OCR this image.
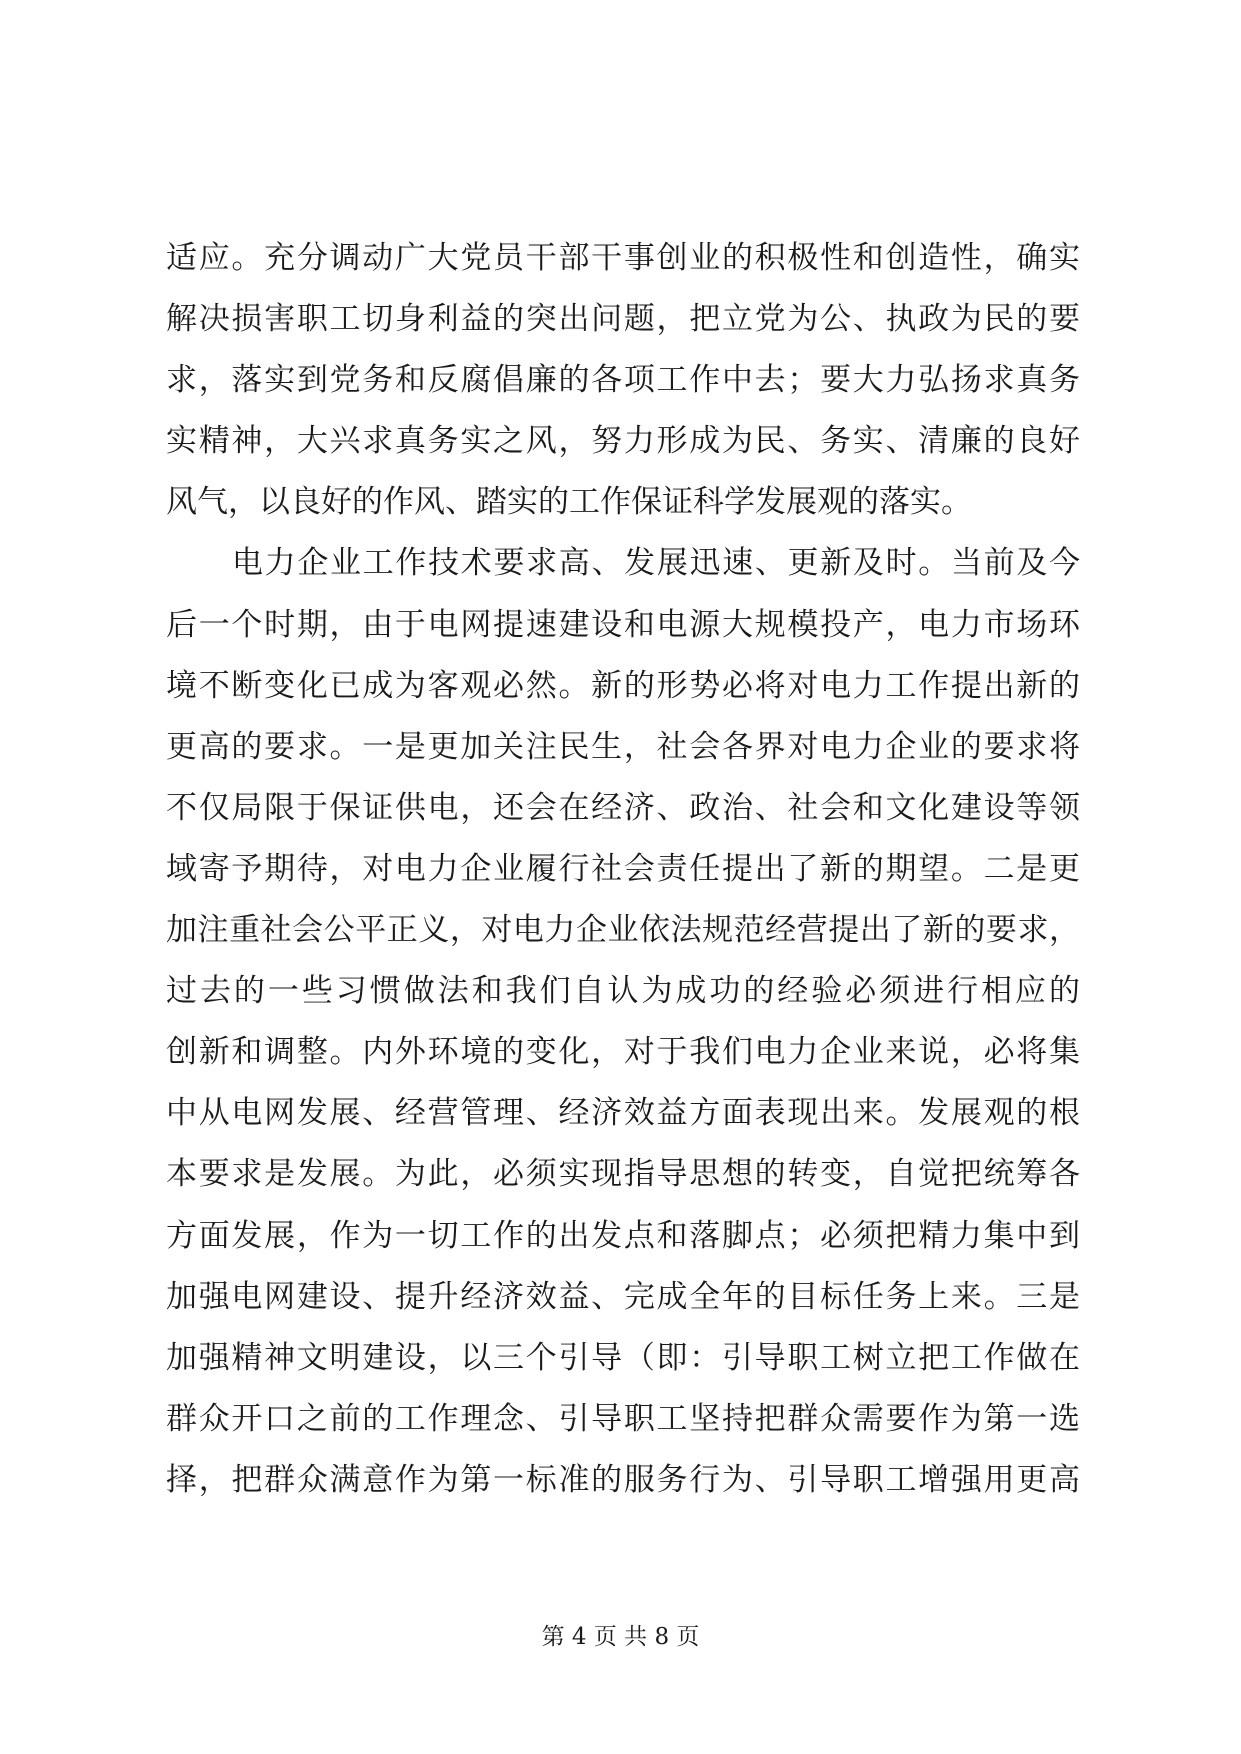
适应。充分调动广大党员干部干事创业的积极性和创造性，确实
解决损害职工切身利益的突出问题，把立党为公、执政为民的要
求，落实到党务和反腐倡廉的各项工作中去；要大力弘扬求真务
实精神，大兴求真务实之风，努力形成为民、务实、清廉的良好
风气，以良好的作风、踏实的工作保证科学发展观的落实。
电力企业工作技术要求高、发展迅速、更新及时。当前及今
后一个时期，由于电网提速建设和电源大规模投产，电力市场环
境不断变化已成为客观必然。新的形势必将对电力工作提出新的
更高的要求。一是更加关注民生，社会各界对电力企业的要求将
不仅局限于保证供电，还会在经济、政治、社会和文化建设等领
域寄予期待，对电力企业履行社会责任提出了新的期望。二是更
加注重社会公平正义，对电力企业依法规范经营提出了新的要求，
过去的一些习惯做法和我们自认为成功的经验必须进行相应的
创新和调整。内外环境的变化，对于我们电力企业来说，必将集
中从电网发展、经营管理、经济效益方面表现出来。发展观的根
本要求是发展。为此，必须实现指导思想的转变，自觉把统筹各
方面发展，作为一切工作的出发点和落脚点；必须把精力集中到
加强电网建设、提升经济效益、完成全年的目标任务上来。三是
加强精神文明建设，以三个引导（即：引导职工树立把工作做在
群众开口之前的工作理念、引导职工坚持把群众需要作为第一选
择，把群众满意作为第一标准的服务行为、引导职工增强用更高
第 4 页 共 8 页
